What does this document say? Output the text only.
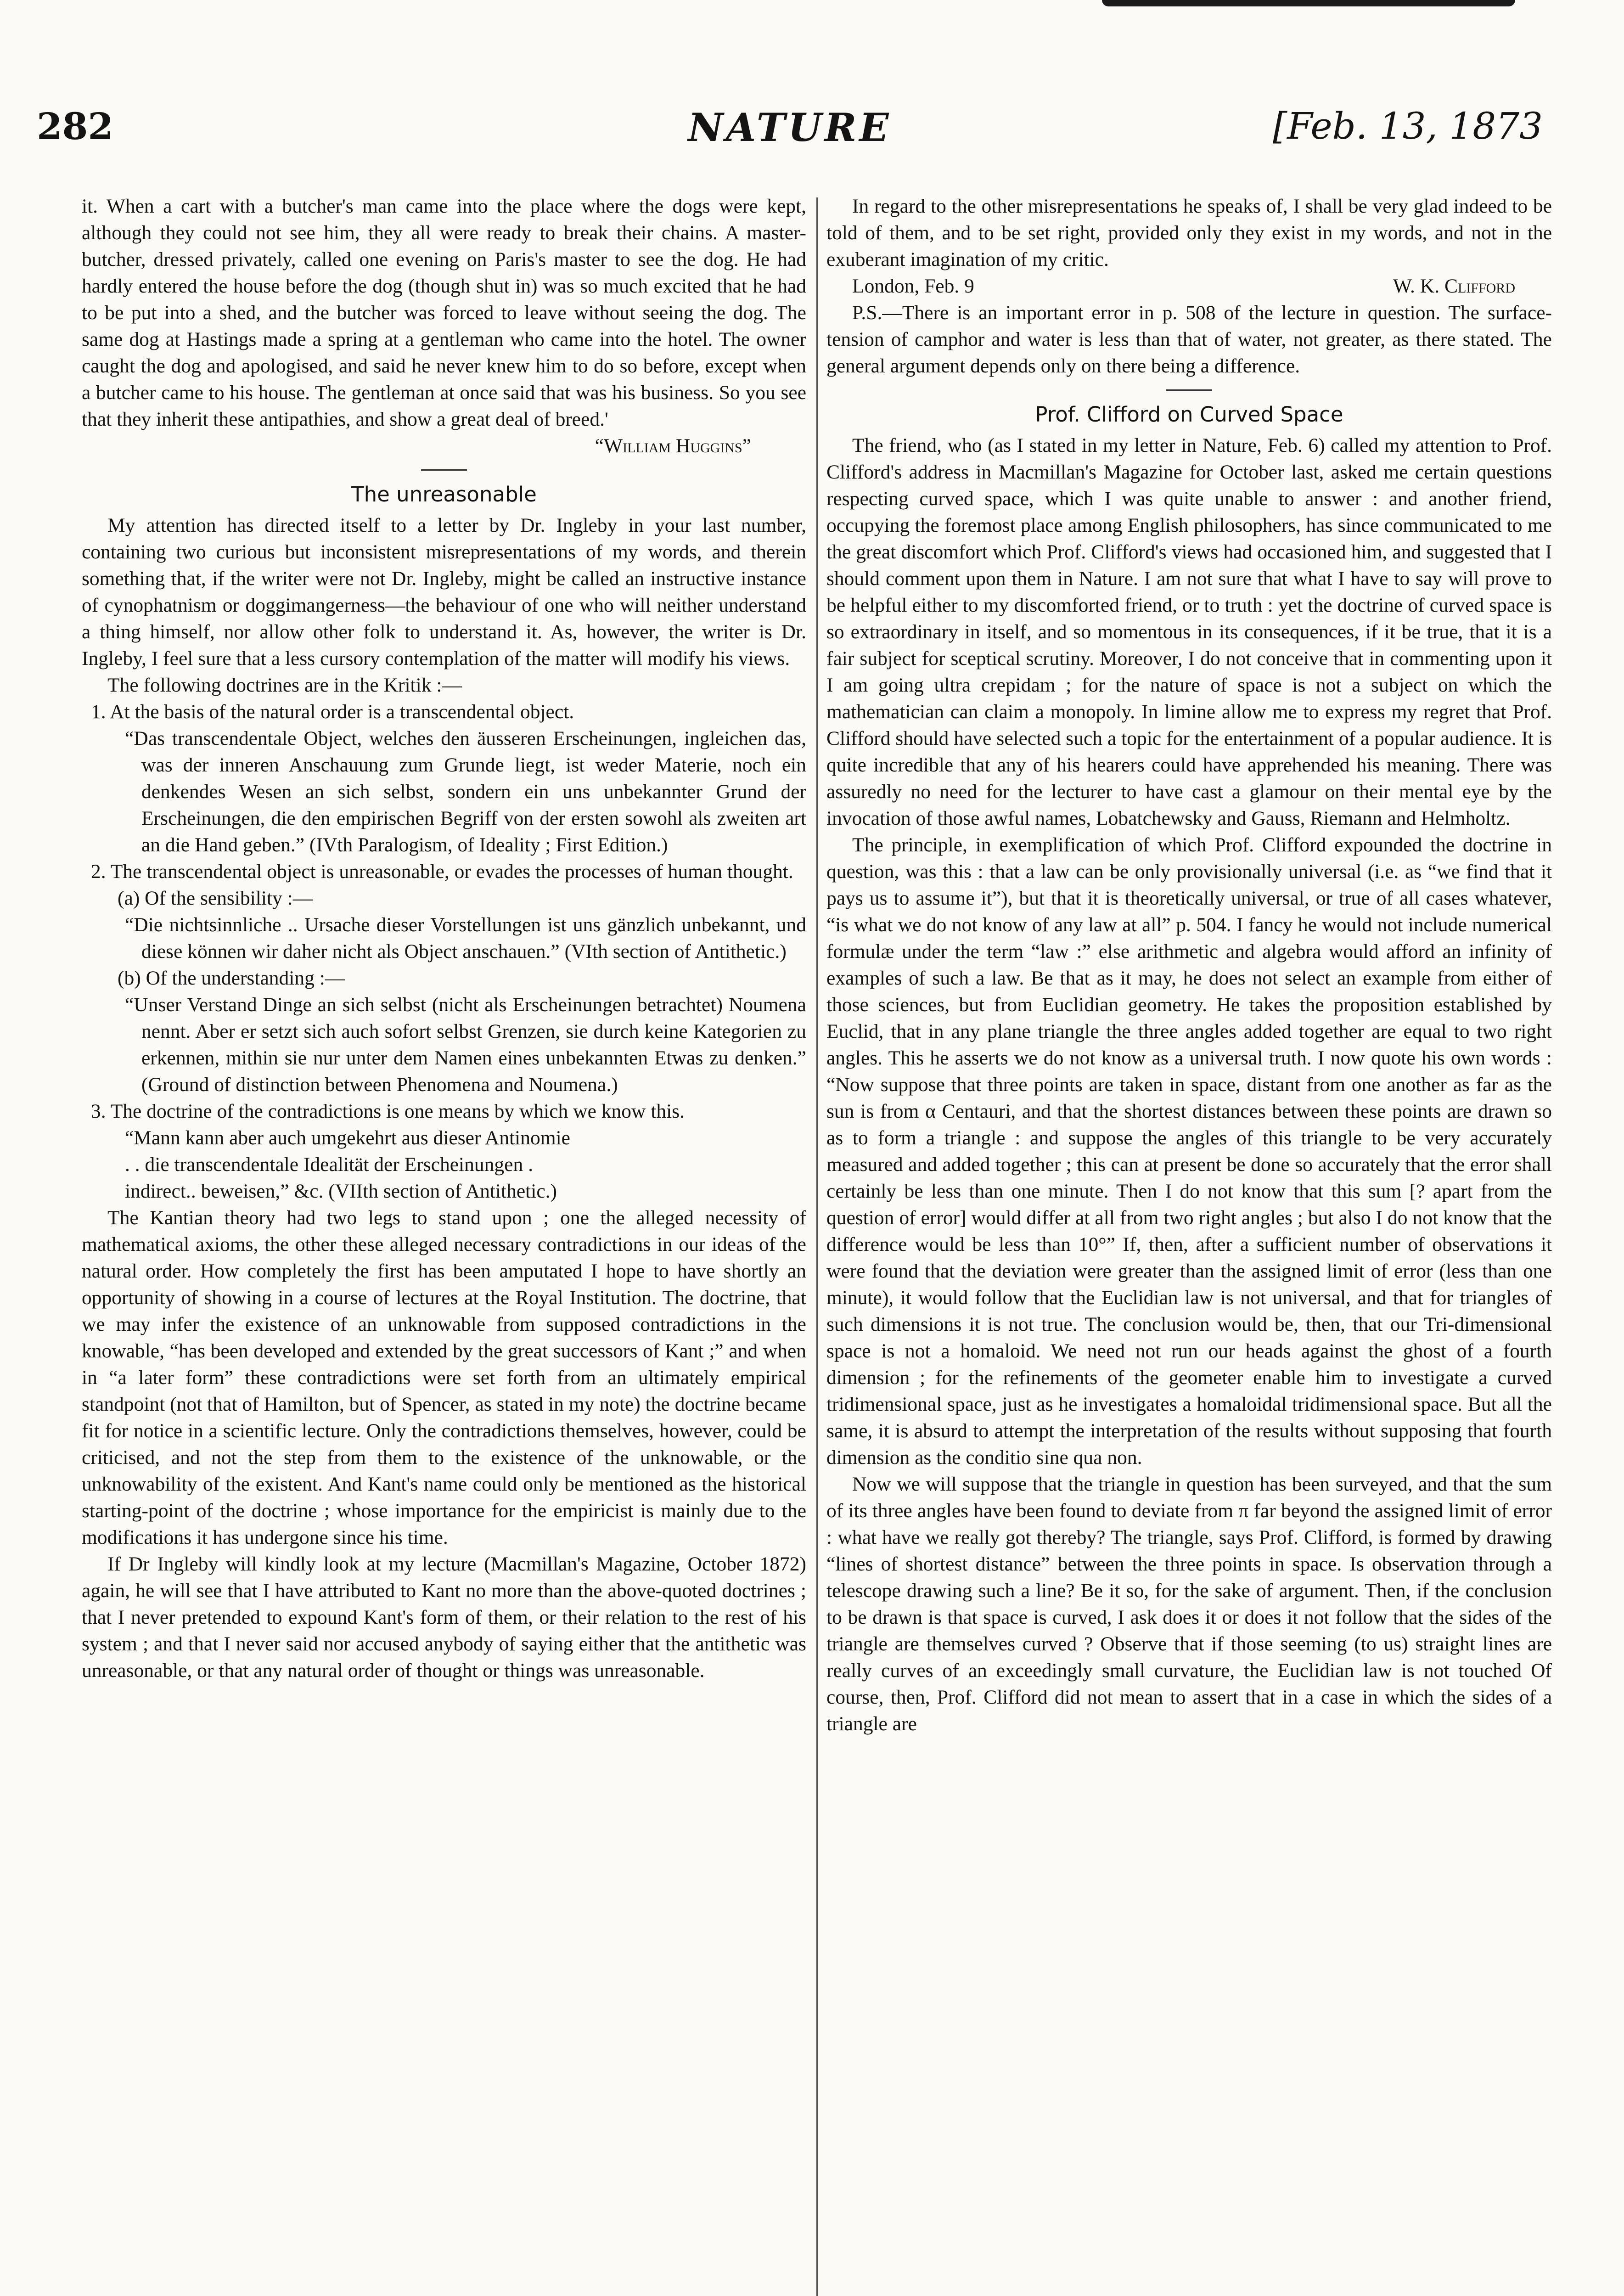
282	NATURE	[Feb. 13, 1873

it. When a cart with a butcher's man came into the place where the dogs were kept, although they could not see him, they all were ready to break their chains. A master-butcher, dressed privately, called one evening on Paris's master to see the dog. He had hardly entered the house before the dog (though shut in) was so much excited that he had to be put into a shed, and the butcher was forced to leave without seeing the dog. The same dog at Hastings made a spring at a gentleman who came into the hotel. The owner caught the dog and apologised, and said he never knew him to do so before, except when a butcher came to his house. The gentleman at once said that was his business. So you see that they inherit these antipathies, and show a great deal of breed.'

“William Huggins”

The unreasonable

My attention has directed itself to a letter by Dr. Ingleby in your last number, containing two curious but inconsistent misrepresentations of my words, and therein something that, if the writer were not Dr. Ingleby, might be called an instructive instance of cynophatnism or doggimangerness—the behaviour of one who will neither understand a thing himself, nor allow other folk to understand it. As, however, the writer is Dr. Ingleby, I feel sure that a less cursory contemplation of the matter will modify his views.

The following doctrines are in the Kritik :—

1. At the basis of the natural order is a transcendental object.

“Das transcendentale Object, welches den äusseren Erscheinungen, ingleichen das, was der inneren Anschauung zum Grunde liegt, ist weder Materie, noch ein denkendes Wesen an sich selbst, sondern ein uns unbekannter Grund der Erscheinungen, die den empirischen Begriff von der ersten sowohl als zweiten art an die Hand geben.” (IVth Paralogism, of Ideality ; First Edition.)

2. The transcendental object is unreasonable, or evades the processes of human thought.

(a) Of the sensibility :—

“Die nichtsinnliche .. Ursache dieser Vorstellungen ist uns gänzlich unbekannt, und diese können wir daher nicht als Object anschauen.” (VIth section of Antithetic.)

(b) Of the understanding :—

“Unser Verstand Dinge an sich selbst (nicht als Erscheinungen betrachtet) Noumena nennt. Aber er setzt sich auch sofort selbst Grenzen, sie durch keine Kategorien zu erkennen, mithin sie nur unter dem Namen eines unbekannten Etwas zu denken.” (Ground of distinction between Phenomena and Noumena.)

3. The doctrine of the contradictions is one means by which we know this.

“Mann kann aber auch umgekehrt aus dieser Antinomie

. . die transcendentale Idealität der Erscheinungen .

indirect.. beweisen,” &c. (VIIth section of Antithetic.)

The Kantian theory had two legs to stand upon ; one the alleged necessity of mathematical axioms, the other these alleged necessary contradictions in our ideas of the natural order. How completely the first has been amputated I hope to have shortly an opportunity of showing in a course of lectures at the Royal Institution. The doctrine, that we may infer the existence of an unknowable from supposed contradictions in the knowable, “has been developed and extended by the great successors of Kant ;” and when in “a later form” these contradictions were set forth from an ultimately empirical standpoint (not that of Hamilton, but of Spencer, as stated in my note) the doctrine became fit for notice in a scientific lecture. Only the contradictions themselves, however, could be criticised, and not the step from them to the existence of the unknowable, or the unknowability of the existent. And Kant's name could only be mentioned as the historical starting-point of the doctrine ; whose importance for the empiricist is mainly due to the modifications it has undergone since his time.

If Dr Ingleby will kindly look at my lecture (Macmillan's Magazine, October 1872) again, he will see that I have attributed to Kant no more than the above-quoted doctrines ; that I never pretended to expound Kant's form of them, or their relation to the rest of his system ; and that I never said nor accused anybody of saying either that the antithetic was unreasonable, or that any natural order of thought or things was unreasonable.

In regard to the other misrepresentations he speaks of, I shall be very glad indeed to be told of them, and to be set right, provided only they exist in my words, and not in the exuberant imagination of my critic.

London, Feb. 9	W. K. Clifford

P.S.—There is an important error in p. 508 of the lecture in question. The surface-tension of camphor and water is less than that of water, not greater, as there stated. The general argument depends only on there being a difference.

Prof. Clifford on Curved Space

The friend, who (as I stated in my letter in Nature, Feb. 6) called my attention to Prof. Clifford's address in Macmillan's Magazine for October last, asked me certain questions respecting curved space, which I was quite unable to answer : and another friend, occupying the foremost place among English philosophers, has since communicated to me the great discomfort which Prof. Clifford's views had occasioned him, and suggested that I should comment upon them in Nature. I am not sure that what I have to say will prove to be helpful either to my discomforted friend, or to truth : yet the doctrine of curved space is so extraordinary in itself, and so momentous in its consequences, if it be true, that it is a fair subject for sceptical scrutiny. Moreover, I do not conceive that in commenting upon it I am going ultra crepidam ; for the nature of space is not a subject on which the mathematician can claim a monopoly. In limine allow me to express my regret that Prof. Clifford should have selected such a topic for the entertainment of a popular audience. It is quite incredible that any of his hearers could have apprehended his meaning. There was assuredly no need for the lecturer to have cast a glamour on their mental eye by the invocation of those awful names, Lobatchewsky and Gauss, Riemann and Helmholtz.

The principle, in exemplification of which Prof. Clifford expounded the doctrine in question, was this : that a law can be only provisionally universal (i.e. as “we find that it pays us to assume it”), but that it is theoretically universal, or true of all cases whatever, “is what we do not know of any law at all” p. 504. I fancy he would not include numerical formulæ under the term “law :” else arithmetic and algebra would afford an infinity of examples of such a law. Be that as it may, he does not select an example from either of those sciences, but from Euclidian geometry. He takes the proposition established by Euclid, that in any plane triangle the three angles added together are equal to two right angles. This he asserts we do not know as a universal truth. I now quote his own words : “Now suppose that three points are taken in space, distant from one another as far as the sun is from α Centauri, and that the shortest distances between these points are drawn so as to form a triangle : and suppose the angles of this triangle to be very accurately measured and added together ; this can at present be done so accurately that the error shall certainly be less than one minute. Then I do not know that this sum [? apart from the question of error] would differ at all from two right angles ; but also I do not know that the difference would be less than 10°” If, then, after a sufficient number of observations it were found that the deviation were greater than the assigned limit of error (less than one minute), it would follow that the Euclidian law is not universal, and that for triangles of such dimensions it is not true. The conclusion would be, then, that our Tri-dimensional space is not a homaloid. We need not run our heads against the ghost of a fourth dimension ; for the refinements of the geometer enable him to investigate a curved tridimensional space, just as he investigates a homaloidal tridimensional space. But all the same, it is absurd to attempt the interpretation of the results without supposing that fourth dimension as the conditio sine qua non.

Now we will suppose that the triangle in question has been surveyed, and that the sum of its three angles have been found to deviate from π far beyond the assigned limit of error : what have we really got thereby? The triangle, says Prof. Clifford, is formed by drawing “lines of shortest distance” between the three points in space. Is observation through a telescope drawing such a line? Be it so, for the sake of argument. Then, if the conclusion to be drawn is that space is curved, I ask does it or does it not follow that the sides of the triangle are themselves curved ? Observe that if those seeming (to us) straight lines are really curves of an exceedingly small curvature, the Euclidian law is not touched Of course, then, Prof. Clifford did not mean to assert that in a case in which the sides of a triangle are
